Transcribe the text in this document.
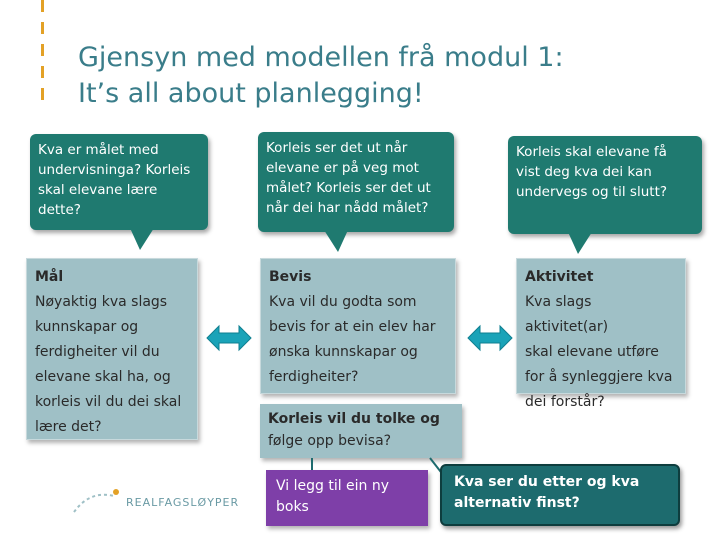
Gjensyn med modellen frå modul 1:
It’s all about planlegging!
Kva er målet med undervisninga? Korleis skal elevane lære dette?
Korleis ser det ut når elevane er på veg mot målet? Korleis ser det ut når dei har nådd målet?
Korleis skal elevane få vist deg kva dei kan undervegs og til slutt?
Mål
Nøyaktig kva slags
kunnskapar og
ferdigheiter vil du
elevane skal ha, og
korleis vil du dei skal
lære det?
Bevis
Kva vil du godta som
bevis for at ein elev har
ønska kunnskapar og
ferdigheiter?
Aktivitet
Kva slags aktivitet(ar)
skal elevane utføre
for å synleggjere kva
dei forstår?
Korleis vil du tolke og
følge opp bevisa?
Vi legg til ein ny
boks
Kva ser du etter og kva
alternativ finst?
REALFAGSLØYPER
